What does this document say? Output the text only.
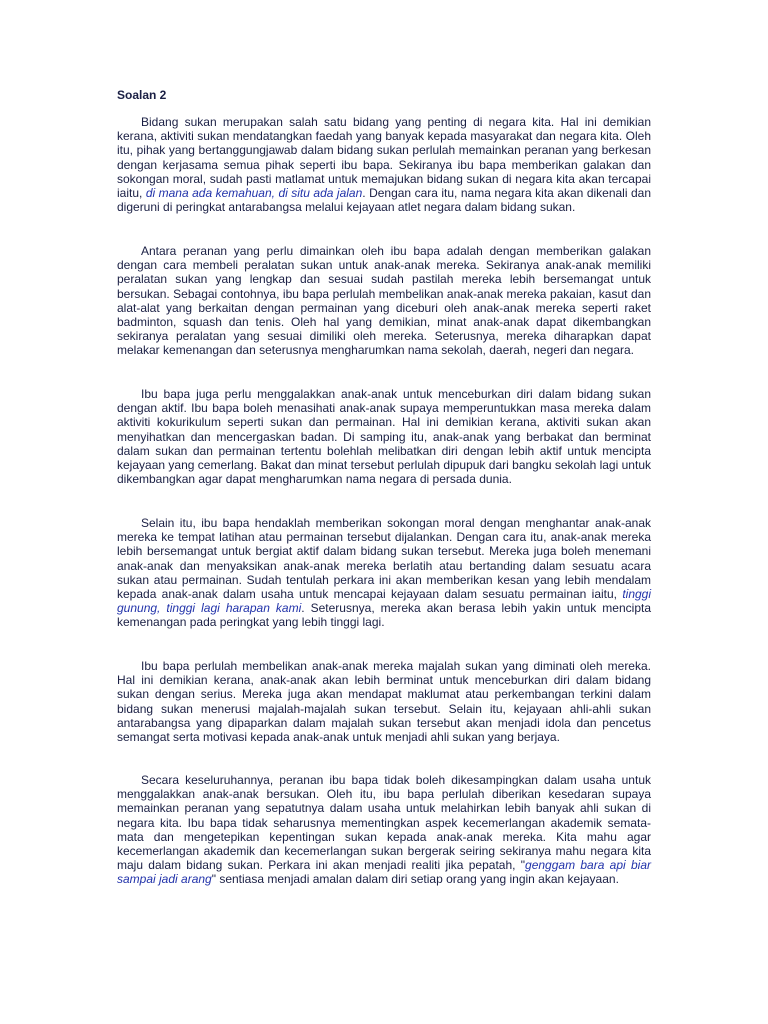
Soalan 2

Bidang sukan merupakan salah satu bidang yang penting di negara kita. Hal ini demikian kerana, aktiviti sukan mendatangkan faedah yang banyak kepada masyarakat dan negara kita. Oleh itu, pihak yang bertanggungjawab dalam bidang sukan perlulah memainkan peranan yang berkesan dengan kerjasama semua pihak seperti ibu bapa. Sekiranya ibu bapa memberikan galakan dan sokongan moral, sudah pasti matlamat untuk memajukan bidang sukan di negara kita akan tercapai iaitu, di mana ada kemahuan, di situ ada jalan. Dengan cara itu, nama negara kita akan dikenali dan digeruni di peringkat antarabangsa melalui kejayaan atlet negara dalam bidang sukan.

Antara peranan yang perlu dimainkan oleh ibu bapa adalah dengan memberikan galakan dengan cara membeli peralatan sukan untuk anak-anak mereka. Sekiranya anak-anak memiliki peralatan sukan yang lengkap dan sesuai sudah pastilah mereka lebih bersemangat untuk bersukan. Sebagai contohnya, ibu bapa perlulah membelikan anak-anak mereka pakaian, kasut dan alat-alat yang berkaitan dengan permainan yang diceburi oleh anak-anak mereka seperti raket badminton, squash dan tenis. Oleh hal yang demikian, minat anak-anak dapat dikembangkan sekiranya peralatan yang sesuai dimiliki oleh mereka. Seterusnya, mereka diharapkan dapat melakar kemenangan dan seterusnya mengharumkan nama sekolah, daerah, negeri dan negara.

Ibu bapa juga perlu menggalakkan anak-anak untuk menceburkan diri dalam bidang sukan dengan aktif. Ibu bapa boleh menasihati anak-anak supaya memperuntukkan masa mereka dalam aktiviti kokurikulum seperti sukan dan permainan. Hal ini demikian kerana, aktiviti sukan akan menyihatkan dan mencergaskan badan. Di samping itu, anak-anak yang berbakat dan berminat dalam sukan dan permainan tertentu bolehlah melibatkan diri dengan lebih aktif untuk mencipta kejayaan yang cemerlang. Bakat dan minat tersebut perlulah dipupuk dari bangku sekolah lagi untuk dikembangkan agar dapat mengharumkan nama negara di persada dunia.

Selain itu, ibu bapa hendaklah memberikan sokongan moral dengan menghantar anak-anak mereka ke tempat latihan atau permainan tersebut dijalankan. Dengan cara itu, anak-anak mereka lebih bersemangat untuk bergiat aktif dalam bidang sukan tersebut. Mereka juga boleh menemani anak-anak dan menyaksikan anak-anak mereka berlatih atau bertanding dalam sesuatu acara sukan atau permainan. Sudah tentulah perkara ini akan memberikan kesan yang lebih mendalam kepada anak-anak dalam usaha untuk mencapai kejayaan dalam sesuatu permainan iaitu, tinggi gunung, tinggi lagi harapan kami. Seterusnya, mereka akan berasa lebih yakin untuk mencipta kemenangan pada peringkat yang lebih tinggi lagi.

Ibu bapa perlulah membelikan anak-anak mereka majalah sukan yang diminati oleh mereka. Hal ini demikian kerana, anak-anak akan lebih berminat untuk menceburkan diri dalam bidang sukan dengan serius. Mereka juga akan mendapat maklumat atau perkembangan terkini dalam bidang sukan menerusi majalah-majalah sukan tersebut. Selain itu, kejayaan ahli-ahli sukan antarabangsa yang dipaparkan dalam majalah sukan tersebut akan menjadi idola dan pencetus semangat serta motivasi kepada anak-anak untuk menjadi ahli sukan yang berjaya.

Secara keseluruhannya, peranan ibu bapa tidak boleh dikesampingkan dalam usaha untuk menggalakkan anak-anak bersukan. Oleh itu, ibu bapa perlulah diberikan kesedaran supaya memainkan peranan yang sepatutnya dalam usaha untuk melahirkan lebih banyak ahli sukan di negara kita. Ibu bapa tidak seharusnya mementingkan aspek kecemerlangan akademik semata-mata dan mengetepikan kepentingan sukan kepada anak-anak mereka. Kita mahu agar kecemerlangan akademik dan kecemerlangan sukan bergerak seiring sekiranya mahu negara kita maju dalam bidang sukan. Perkara ini akan menjadi realiti jika pepatah, "genggam bara api biar sampai jadi arang" sentiasa menjadi amalan dalam diri setiap orang yang ingin akan kejayaan.
